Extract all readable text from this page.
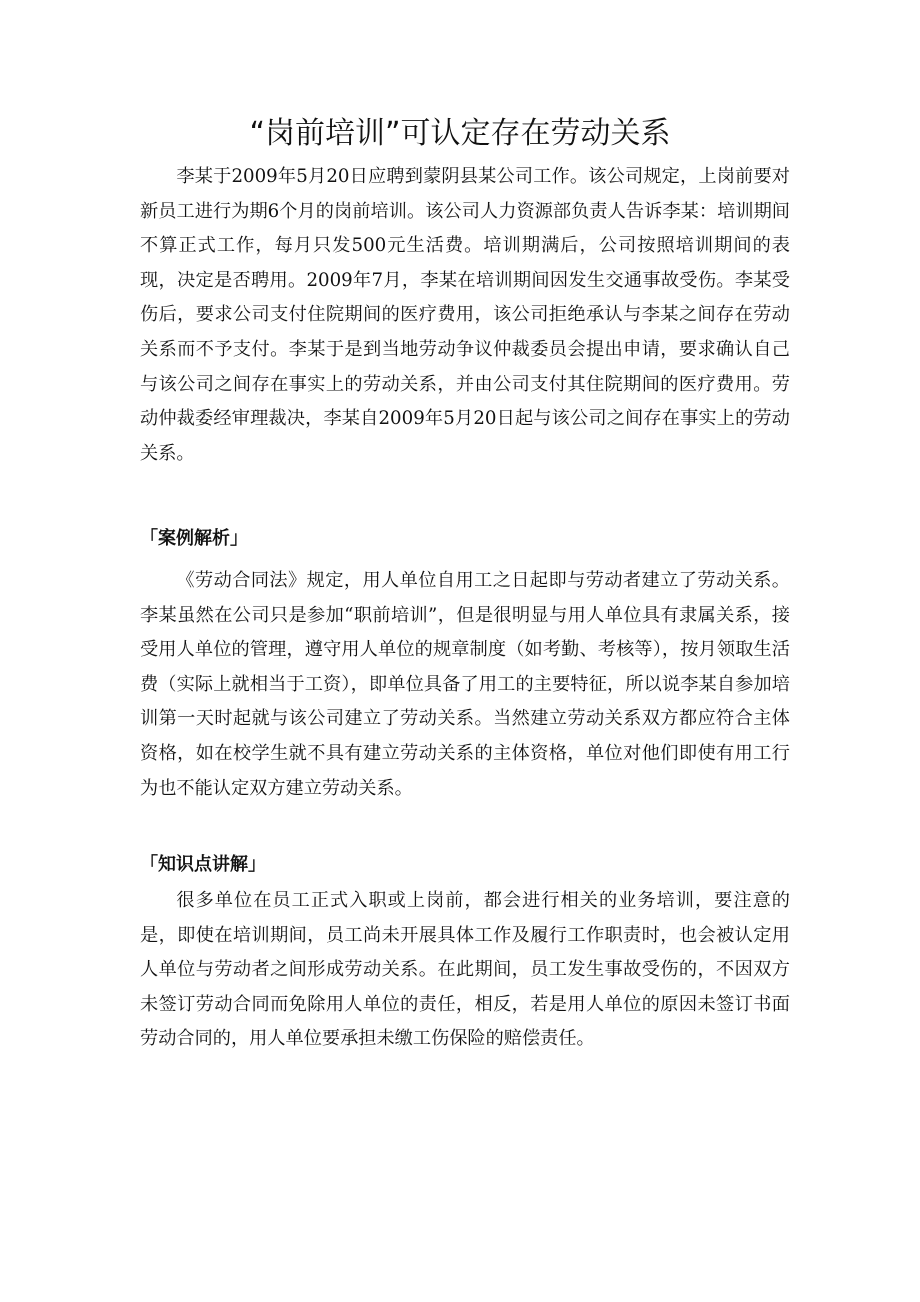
“岗前培训”可认定存在劳动关系

李某于2009年5月20日应聘到蒙阴县某公司工作。该公司规定，上岗前要对新员工进行为期6个月的岗前培训。该公司人力资源部负责人告诉李某：培训期间不算正式工作，每月只发500元生活费。培训期满后，公司按照培训期间的表现，决定是否聘用。2009年7月，李某在培训期间因发生交通事故受伤。李某受伤后，要求公司支付住院期间的医疗费用，该公司拒绝承认与李某之间存在劳动关系而不予支付。李某于是到当地劳动争议仲裁委员会提出申请，要求确认自己与该公司之间存在事实上的劳动关系，并由公司支付其住院期间的医疗费用。劳动仲裁委经审理裁决，李某自2009年5月20日起与该公司之间存在事实上的劳动关系。

「案例解析」

《劳动合同法》规定，用人单位自用工之日起即与劳动者建立了劳动关系。李某虽然在公司只是参加“职前培训”，但是很明显与用人单位具有隶属关系，接受用人单位的管理，遵守用人单位的规章制度（如考勤、考核等），按月领取生活费（实际上就相当于工资），即单位具备了用工的主要特征，所以说李某自参加培训第一天时起就与该公司建立了劳动关系。当然建立劳动关系双方都应符合主体资格，如在校学生就不具有建立劳动关系的主体资格，单位对他们即使有用工行为也不能认定双方建立劳动关系。

「知识点讲解」

很多单位在员工正式入职或上岗前，都会进行相关的业务培训，要注意的是，即使在培训期间，员工尚未开展具体工作及履行工作职责时，也会被认定用人单位与劳动者之间形成劳动关系。在此期间，员工发生事故受伤的，不因双方未签订劳动合同而免除用人单位的责任，相反，若是用人单位的原因未签订书面劳动合同的，用人单位要承担未缴工伤保险的赔偿责任。
